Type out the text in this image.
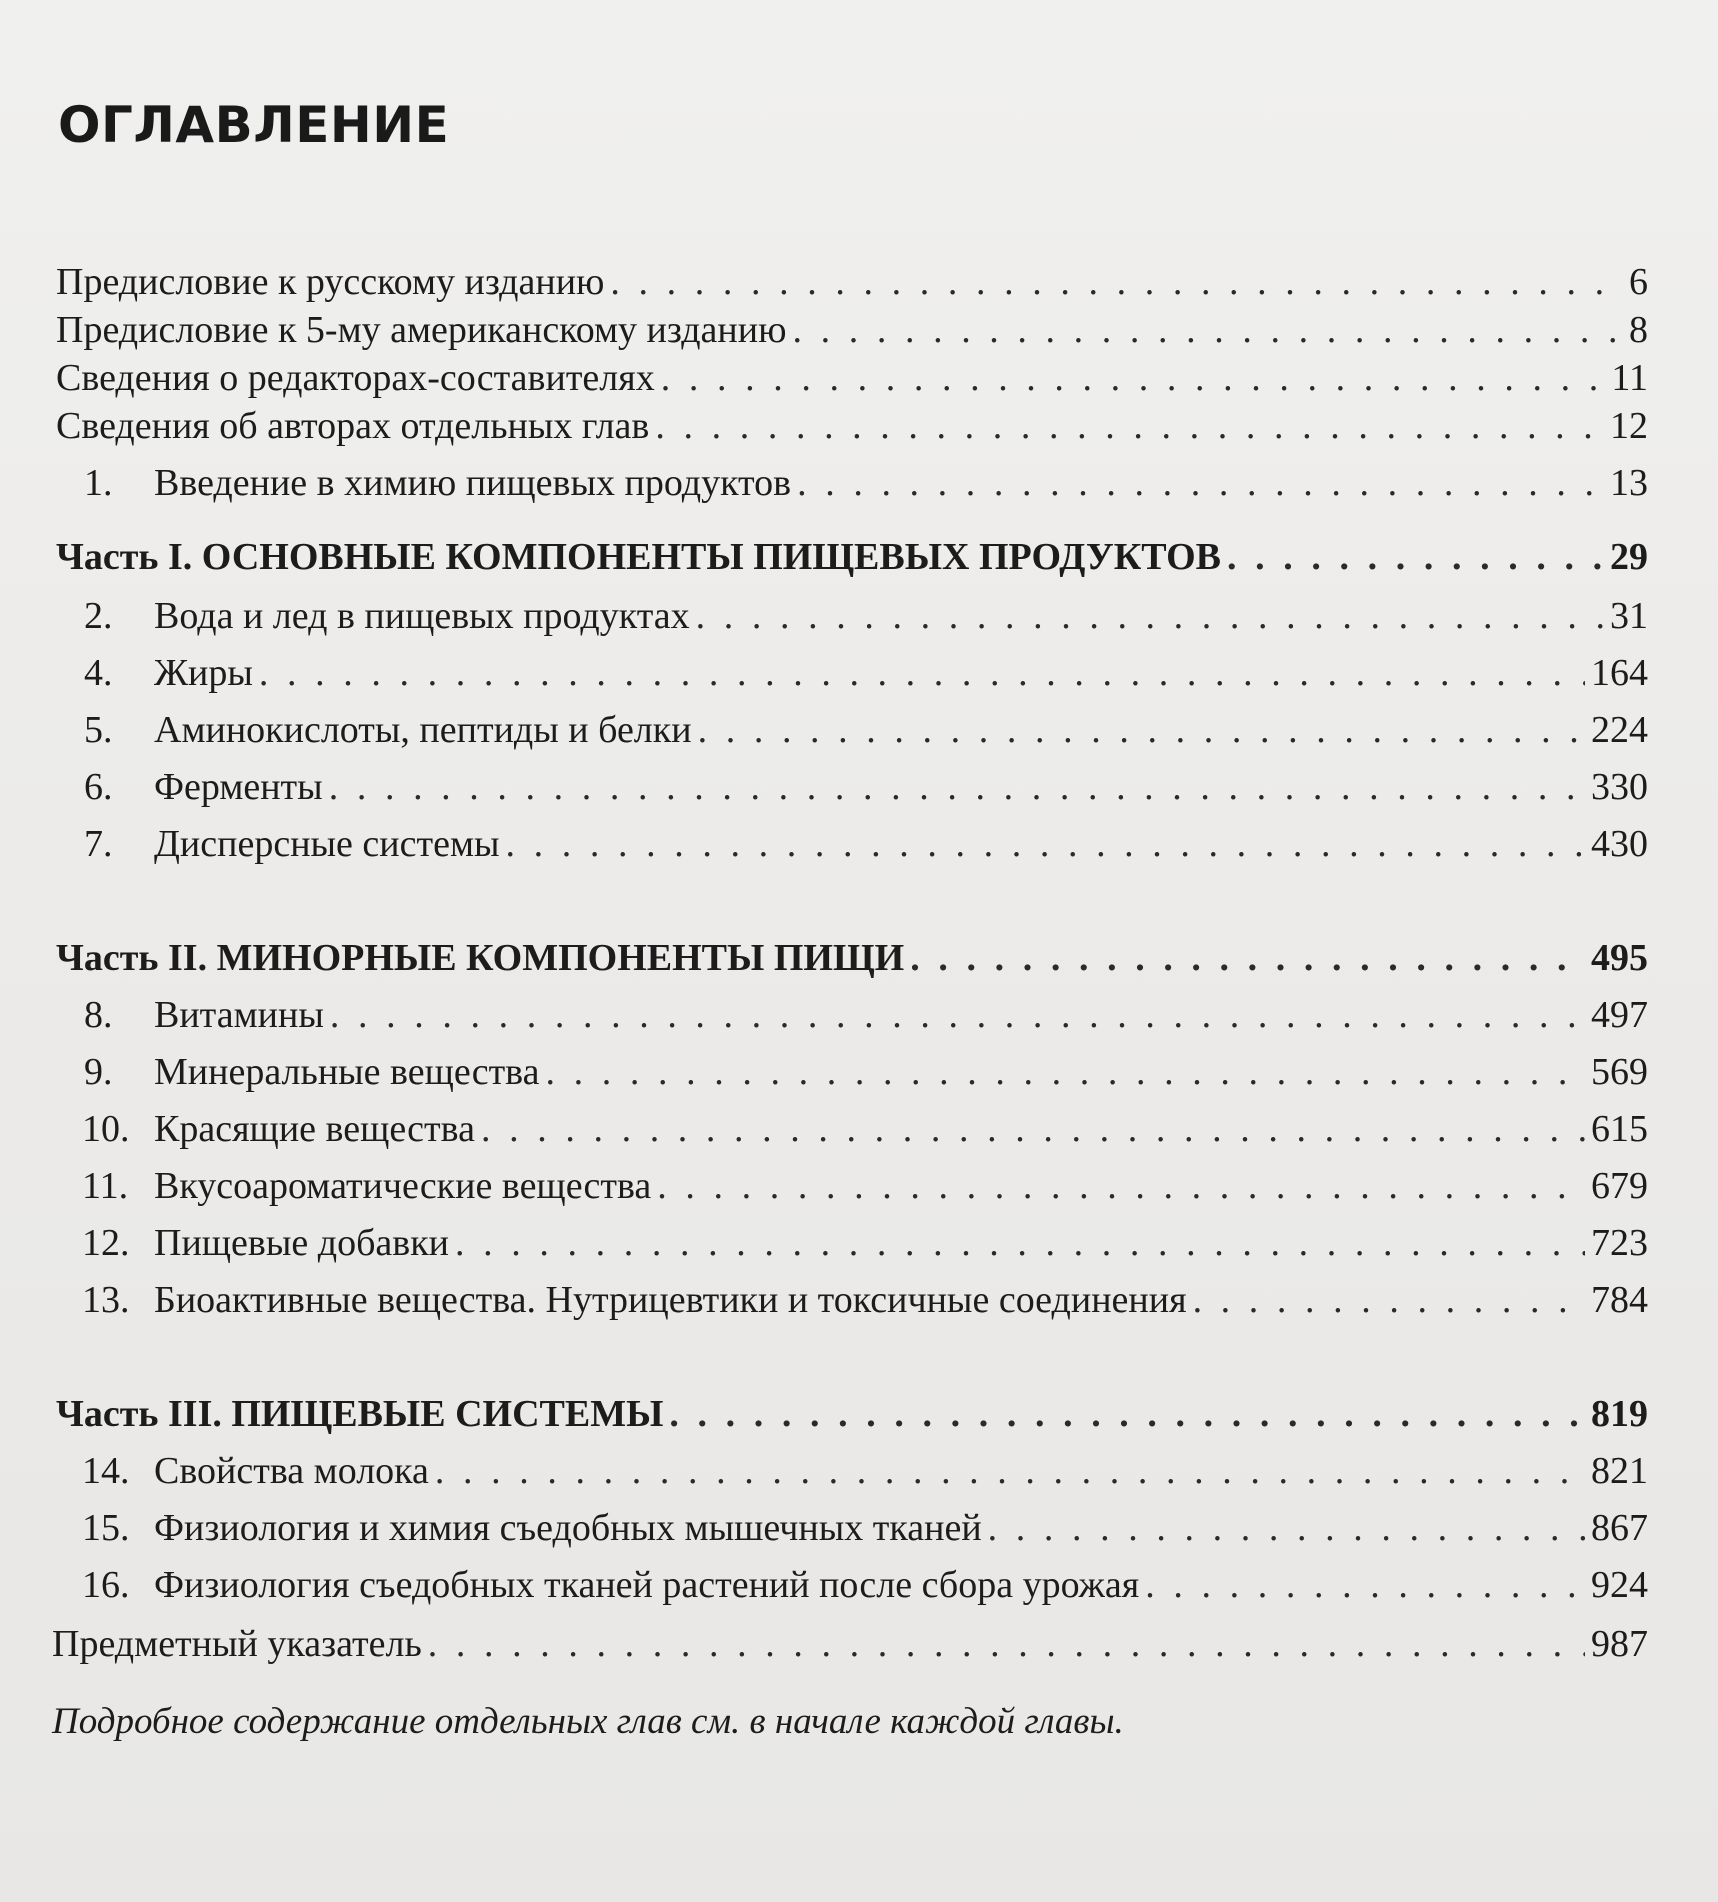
ОГЛАВЛЕНИЕ
Предисловие к русскому изданию . . .	6
Предисловие к 5-му американскому изданию . . .	8
Сведения о редакторах-составителях . . .	11
Сведения об авторах отдельных глав . . .	12
1.	Введение в химию пищевых продуктов . . .	13
Часть I. ОСНОВНЫЕ КОМПОНЕНТЫ ПИЩЕВЫХ ПРОДУКТОВ . . .	29
2.	Вода и лед в пищевых продуктах . . .	31
4.	Жиры . . .	164
5.	Аминокислоты, пептиды и белки . . .	224
6.	Ферменты . . .	330
7.	Дисперсные системы . . .	430
Часть II. МИНОРНЫЕ КОМПОНЕНТЫ ПИЩИ . . .	495
8.	Витамины . . .	497
9.	Минеральные вещества . . .	569
10. Красящие вещества . . .	615
11. Вкусоароматические вещества . . .	679
12. Пищевые добавки . . .	723
13. Биоактивные вещества. Нутрицевтики и токсичные соединения . . .	784
Часть III. ПИЩЕВЫЕ СИСТЕМЫ . . .	819
14. Свойства молока . . .	821
15. Физиология и химия съедобных мышечных тканей . . .	867
16. Физиология съедобных тканей растений после сбора урожая . . .	924
Предметный указатель . . .	987

Подробное содержание отдельных глав см. в начале каждой главы.
